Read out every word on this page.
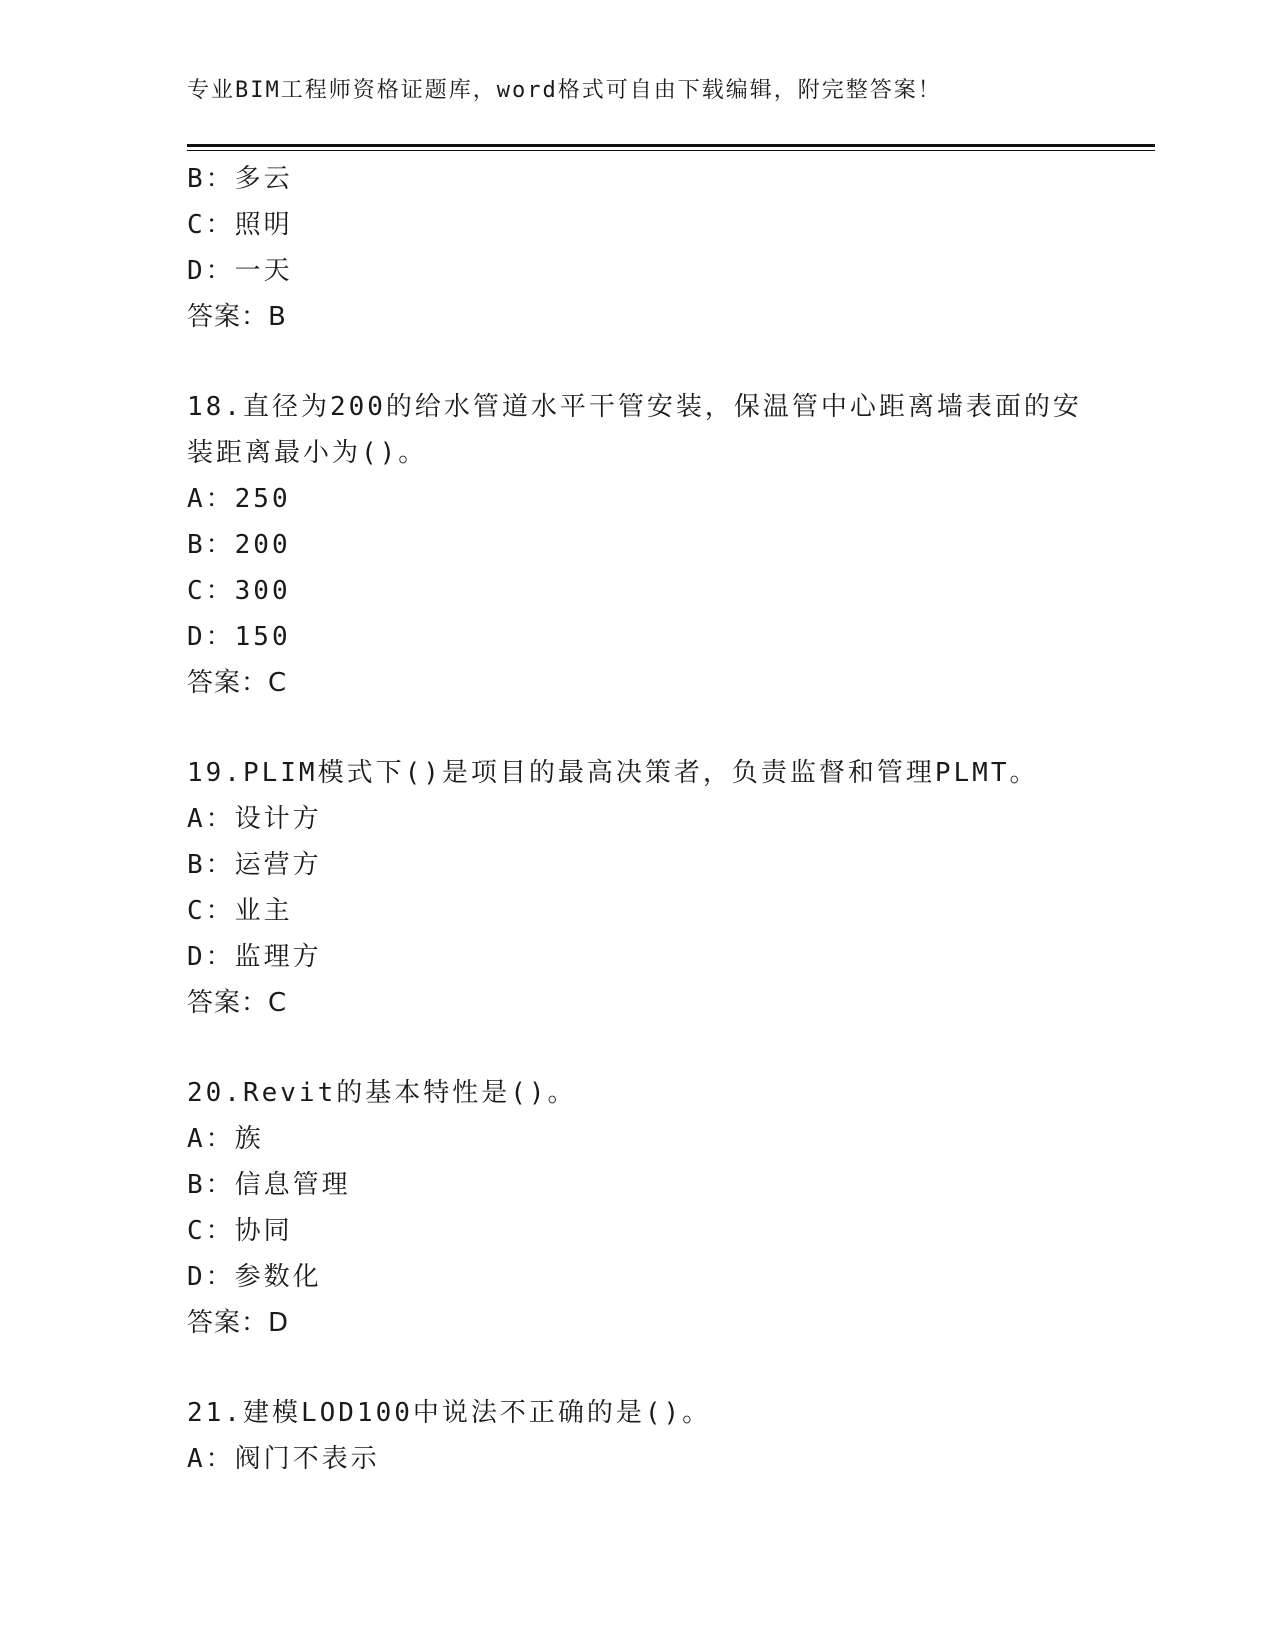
专业BIM工程师资格证题库，word格式可自由下载编辑，附完整答案！
B：多云
C：照明
D：一天
答案：B
18.直径为200的给水管道水平干管安装，保温管中心距离墙表面的安
装距离最小为()。
A：250
B：200
C：300
D：150
答案：C
19.PLIM模式下()是项目的最高决策者，负责监督和管理PLMT。
A：设计方
B：运营方
C：业主
D：监理方
答案：C
20.Revit的基本特性是()。
A：族
B：信息管理
C：协同
D：参数化
答案：D
21.建模LOD100中说法不正确的是()。
A：阀门不表示
